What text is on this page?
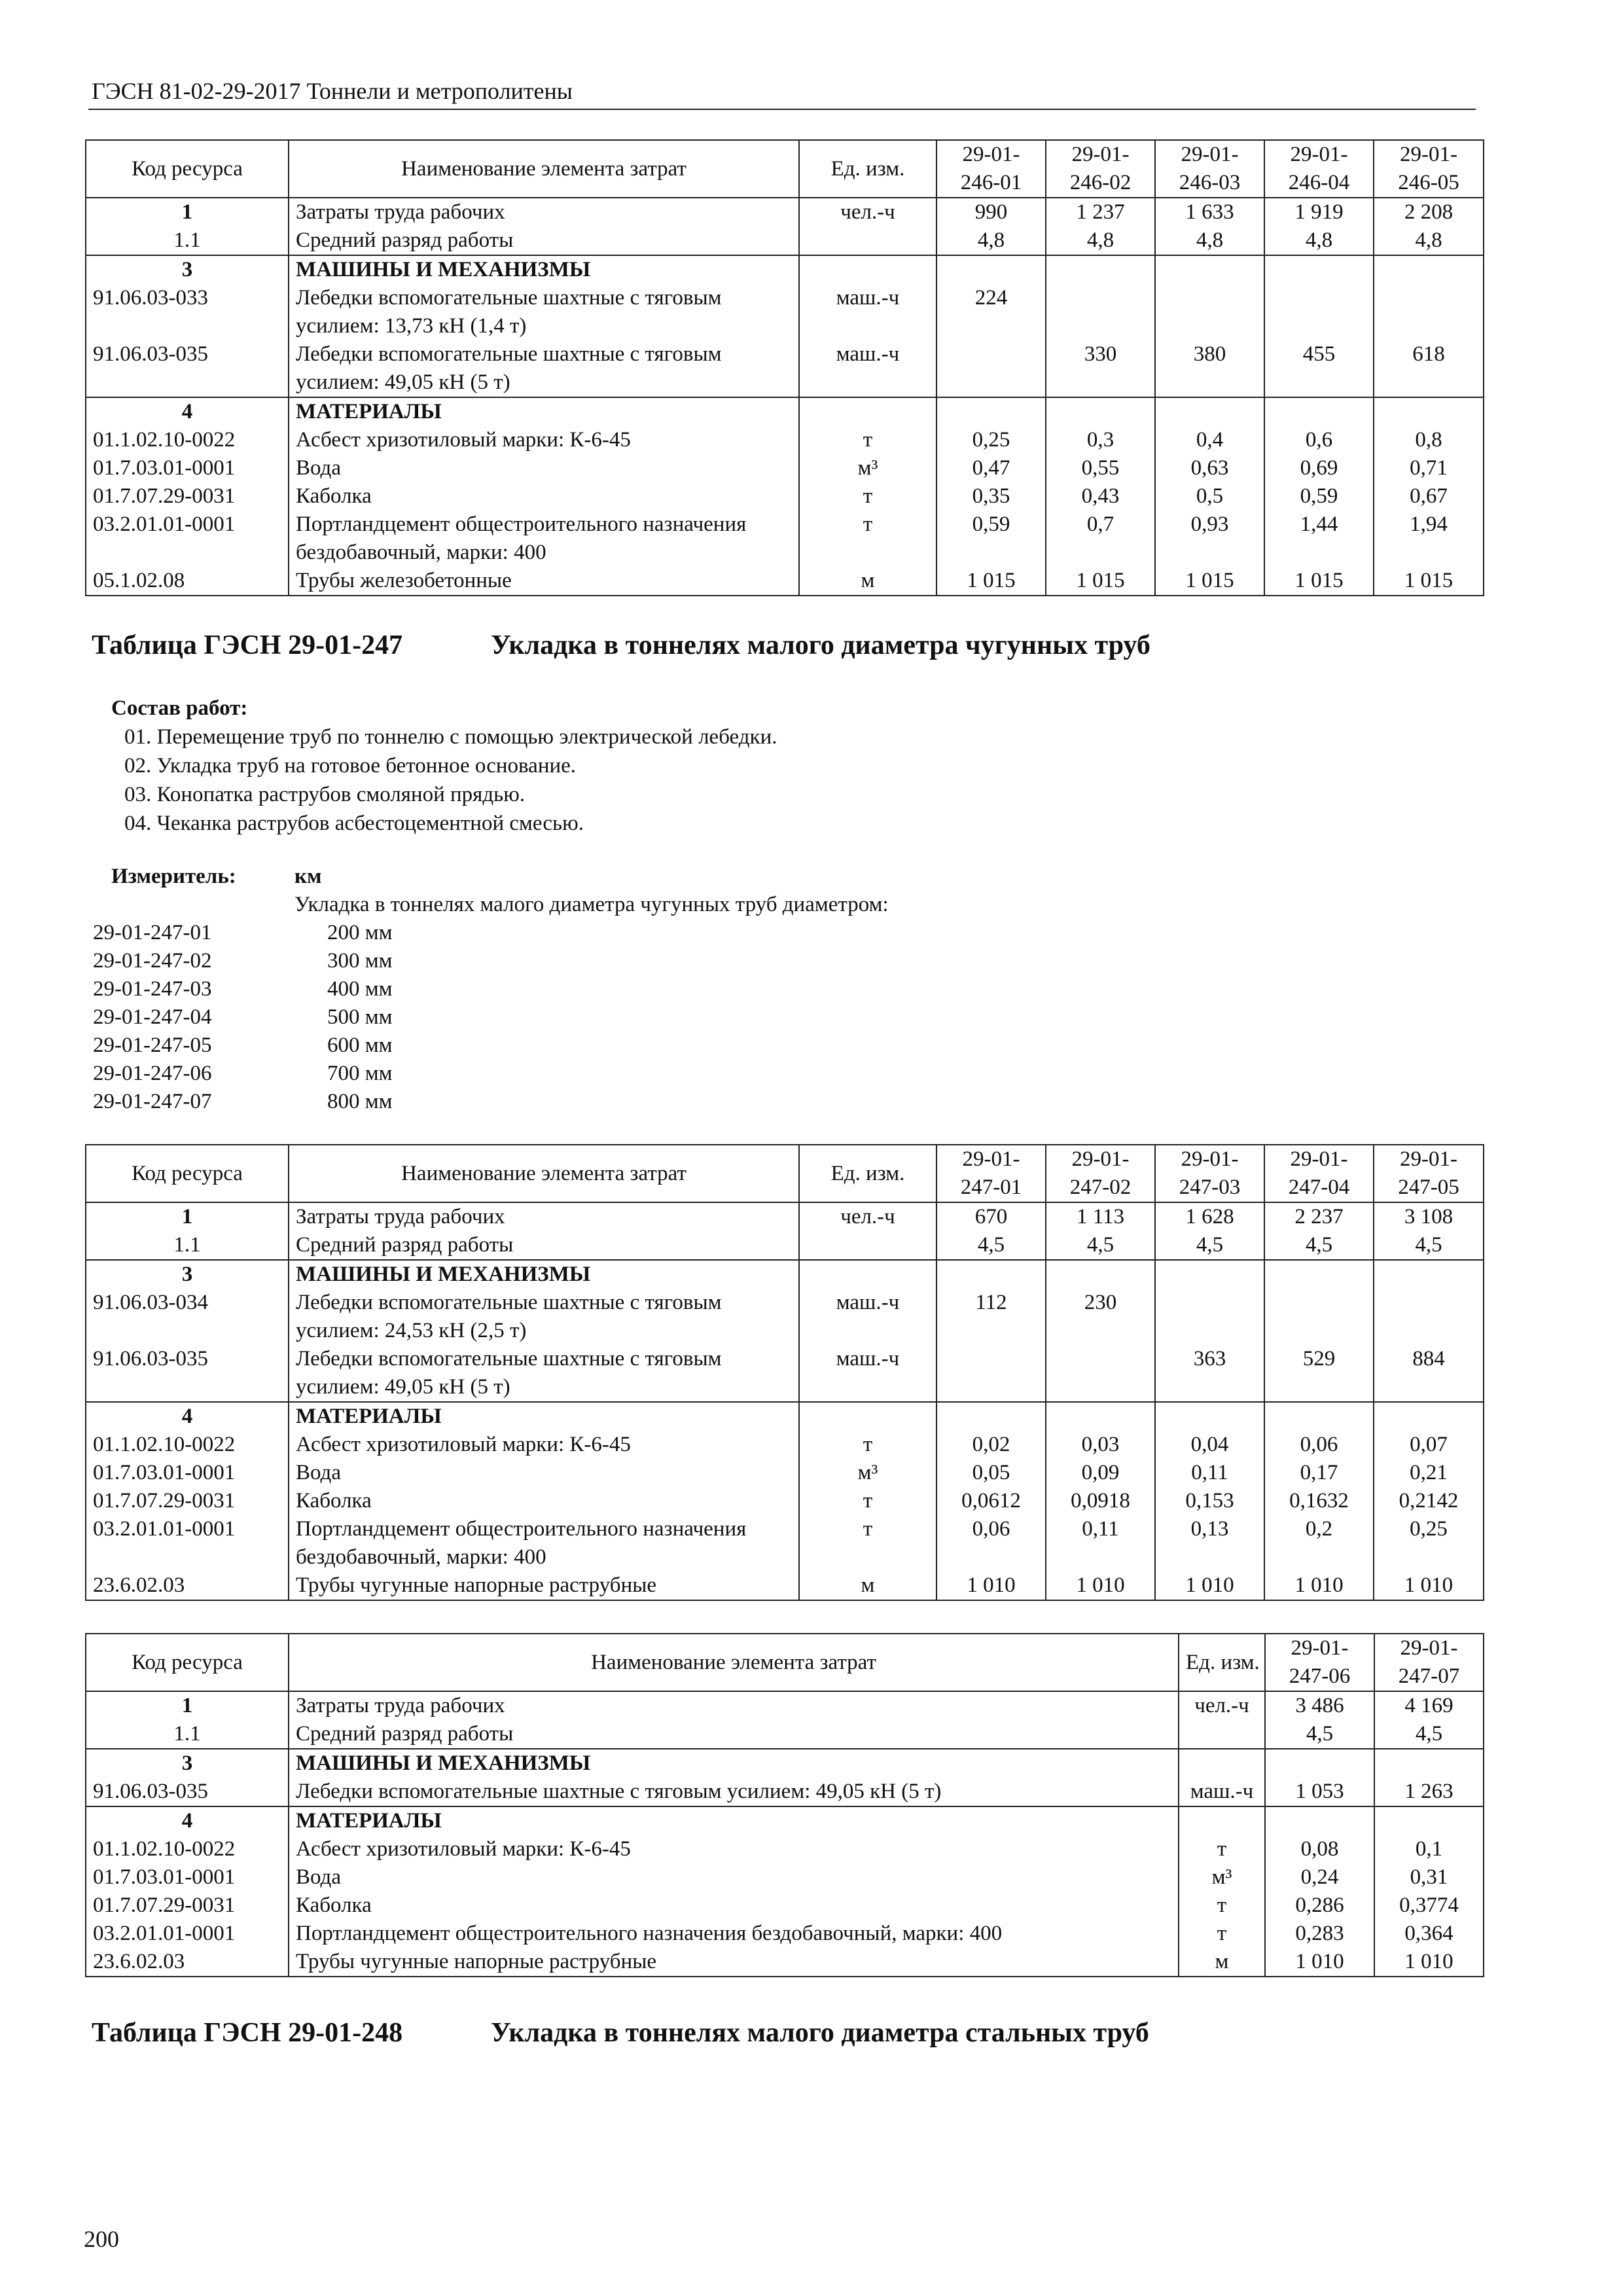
ГЭСН 81-02-29-2017 Тоннели и метрополитены
Код ресурса	Наименование элемента затрат	Ед. изм.	29-01-246-01	29-01-246-02	29-01-246-03	29-01-246-04	29-01-246-05
1	Затраты труда рабочих	чел.-ч	990	1 237	1 633	1 919	2 208
1.1	Средний разряд работы		4,8	4,8	4,8	4,8	4,8
3	МАШИНЫ И МЕХАНИЗМЫ						
91.06.03-033	Лебедки вспомогательные шахтные с тяговым усилием: 13,73 кН (1,4 т)	маш.-ч	224				
91.06.03-035	Лебедки вспомогательные шахтные с тяговым усилием: 49,05 кН (5 т)	маш.-ч		330	380	455	618
4	МАТЕРИАЛЫ						
01.1.02.10-0022	Асбест хризотиловый марки: К-6-45	т	0,25	0,3	0,4	0,6	0,8
01.7.03.01-0001	Вода	м³	0,47	0,55	0,63	0,69	0,71
01.7.07.29-0031	Каболка	т	0,35	0,43	0,5	0,59	0,67
03.2.01.01-0001	Портландцемент общестроительного назначения бездобавочный, марки: 400	т	0,59	0,7	0,93	1,44	1,94
05.1.02.08	Трубы железобетонные	м	1 015	1 015	1 015	1 015	1 015
Таблица ГЭСН 29-01-247	Укладка в тоннелях малого диаметра чугунных труб
Состав работ:
01. Перемещение труб по тоннелю с помощью электрической лебедки.
02. Укладка труб на готовое бетонное основание.
03. Конопатка раструбов смоляной прядью.
04. Чеканка раструбов асбестоцементной смесью.
Измеритель:	км
Укладка в тоннелях малого диаметра чугунных труб диаметром:
29-01-247-01	200 мм
29-01-247-02	300 мм
29-01-247-03	400 мм
29-01-247-04	500 мм
29-01-247-05	600 мм
29-01-247-06	700 мм
29-01-247-07	800 мм
Код ресурса	Наименование элемента затрат	Ед. изм.	29-01-247-01	29-01-247-02	29-01-247-03	29-01-247-04	29-01-247-05
1	Затраты труда рабочих	чел.-ч	670	1 113	1 628	2 237	3 108
1.1	Средний разряд работы		4,5	4,5	4,5	4,5	4,5
3	МАШИНЫ И МЕХАНИЗМЫ						
91.06.03-034	Лебедки вспомогательные шахтные с тяговым усилием: 24,53 кН (2,5 т)	маш.-ч	112	230			
91.06.03-035	Лебедки вспомогательные шахтные с тяговым усилием: 49,05 кН (5 т)	маш.-ч			363	529	884
4	МАТЕРИАЛЫ						
01.1.02.10-0022	Асбест хризотиловый марки: К-6-45	т	0,02	0,03	0,04	0,06	0,07
01.7.03.01-0001	Вода	м³	0,05	0,09	0,11	0,17	0,21
01.7.07.29-0031	Каболка	т	0,0612	0,0918	0,153	0,1632	0,2142
03.2.01.01-0001	Портландцемент общестроительного назначения бездобавочный, марки: 400	т	0,06	0,11	0,13	0,2	0,25
23.6.02.03	Трубы чугунные напорные раструбные	м	1 010	1 010	1 010	1 010	1 010
Код ресурса	Наименование элемента затрат	Ед. изм.	29-01-247-06	29-01-247-07
1	Затраты труда рабочих	чел.-ч	3 486	4 169
1.1	Средний разряд работы		4,5	4,5
3	МАШИНЫ И МЕХАНИЗМЫ			
91.06.03-035	Лебедки вспомогательные шахтные с тяговым усилием: 49,05 кН (5 т)	маш.-ч	1 053	1 263
4	МАТЕРИАЛЫ			
01.1.02.10-0022	Асбест хризотиловый марки: К-6-45	т	0,08	0,1
01.7.03.01-0001	Вода	м³	0,24	0,31
01.7.07.29-0031	Каболка	т	0,286	0,3774
03.2.01.01-0001	Портландцемент общестроительного назначения бездобавочный, марки: 400	т	0,283	0,364
23.6.02.03	Трубы чугунные напорные раструбные	м	1 010	1 010
Таблица ГЭСН 29-01-248	Укладка в тоннелях малого диаметра стальных труб
200
